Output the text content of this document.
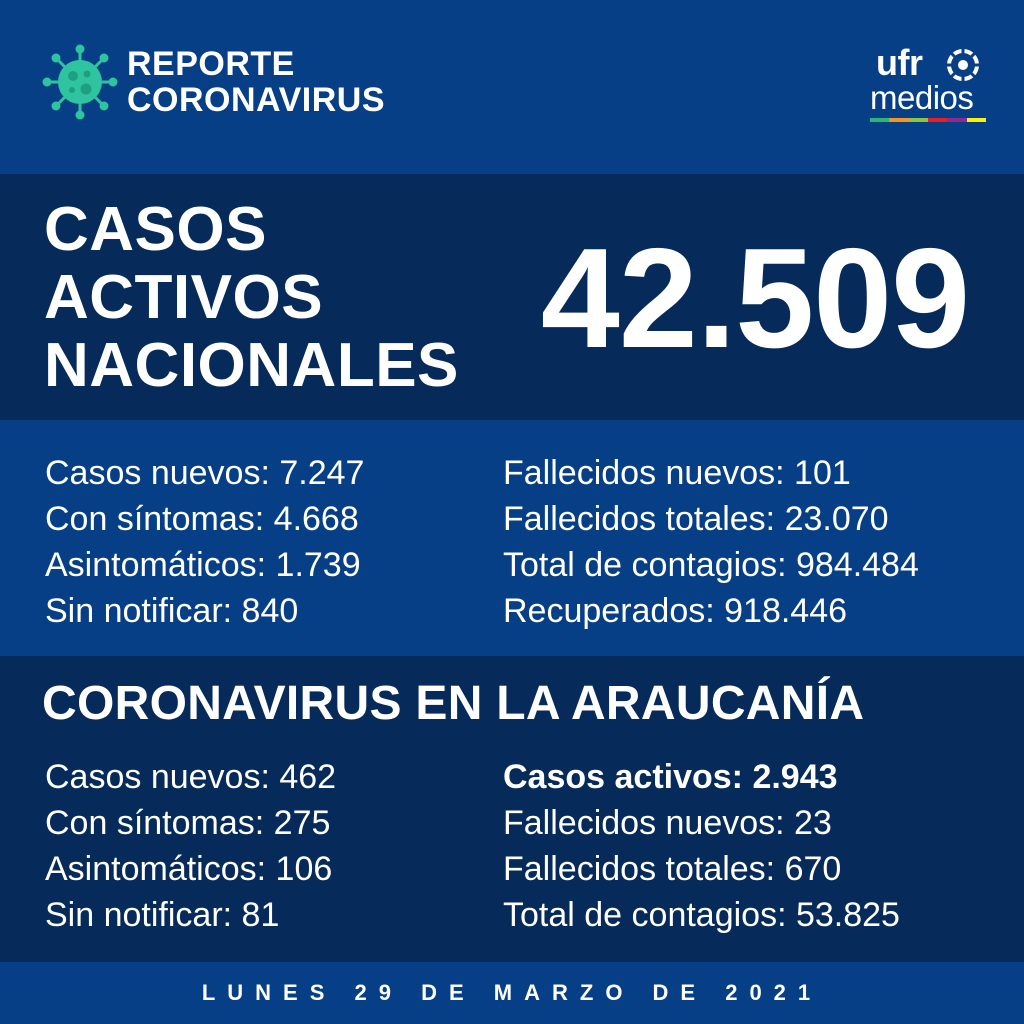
REPORTE
CORONAVIRUS
ufr
medios
CASOS
ACTIVOS
NACIONALES 42.509
Casos nuevos: 7.247
Con síntomas: 4.668
Asintomáticos: 1.739
Sin notificar: 840
Fallecidos nuevos: 101
Fallecidos totales: 23.070
Total de contagios: 984.484
Recuperados: 918.446
CORONAVIRUS EN LA ARAUCANÍA
Casos nuevos: 462
Con síntomas: 275
Asintomáticos: 106
Sin notificar: 81
Casos activos: 2.943
Fallecidos nuevos: 23
Fallecidos totales: 670
Total de contagios: 53.825
LUNES 29 DE MARZO DE 2021
